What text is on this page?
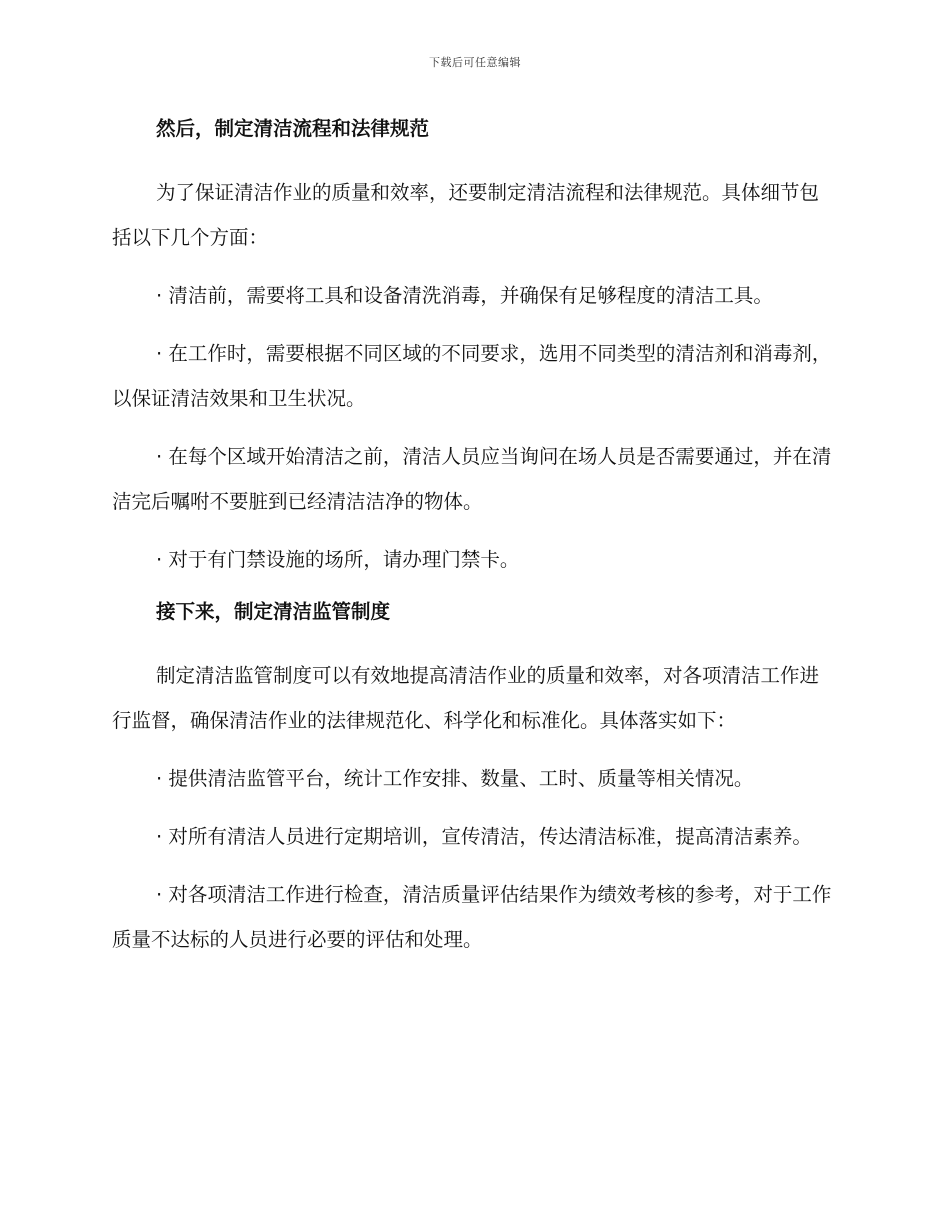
下载后可任意编辑
然后，制定清洁流程和法律规范

为了保证清洁作业的质量和效率，还要制定清洁流程和法律规范。具体细节包括以下几个方面：

· 清洁前，需要将工具和设备清洗消毒，并确保有足够程度的清洁工具。

· 在工作时，需要根据不同区域的不同要求，选用不同类型的清洁剂和消毒剂，以保证清洁效果和卫生状况。

· 在每个区域开始清洁之前，清洁人员应当询问在场人员是否需要通过，并在清洁完后嘱咐不要脏到已经清洁洁净的物体。

· 对于有门禁设施的场所，请办理门禁卡。

接下来，制定清洁监管制度

制定清洁监管制度可以有效地提高清洁作业的质量和效率，对各项清洁工作进行监督，确保清洁作业的法律规范化、科学化和标准化。具体落实如下：

· 提供清洁监管平台，统计工作安排、数量、工时、质量等相关情况。

· 对所有清洁人员进行定期培训，宣传清洁，传达清洁标准，提高清洁素养。

· 对各项清洁工作进行检查，清洁质量评估结果作为绩效考核的参考，对于工作质量不达标的人员进行必要的评估和处理。
